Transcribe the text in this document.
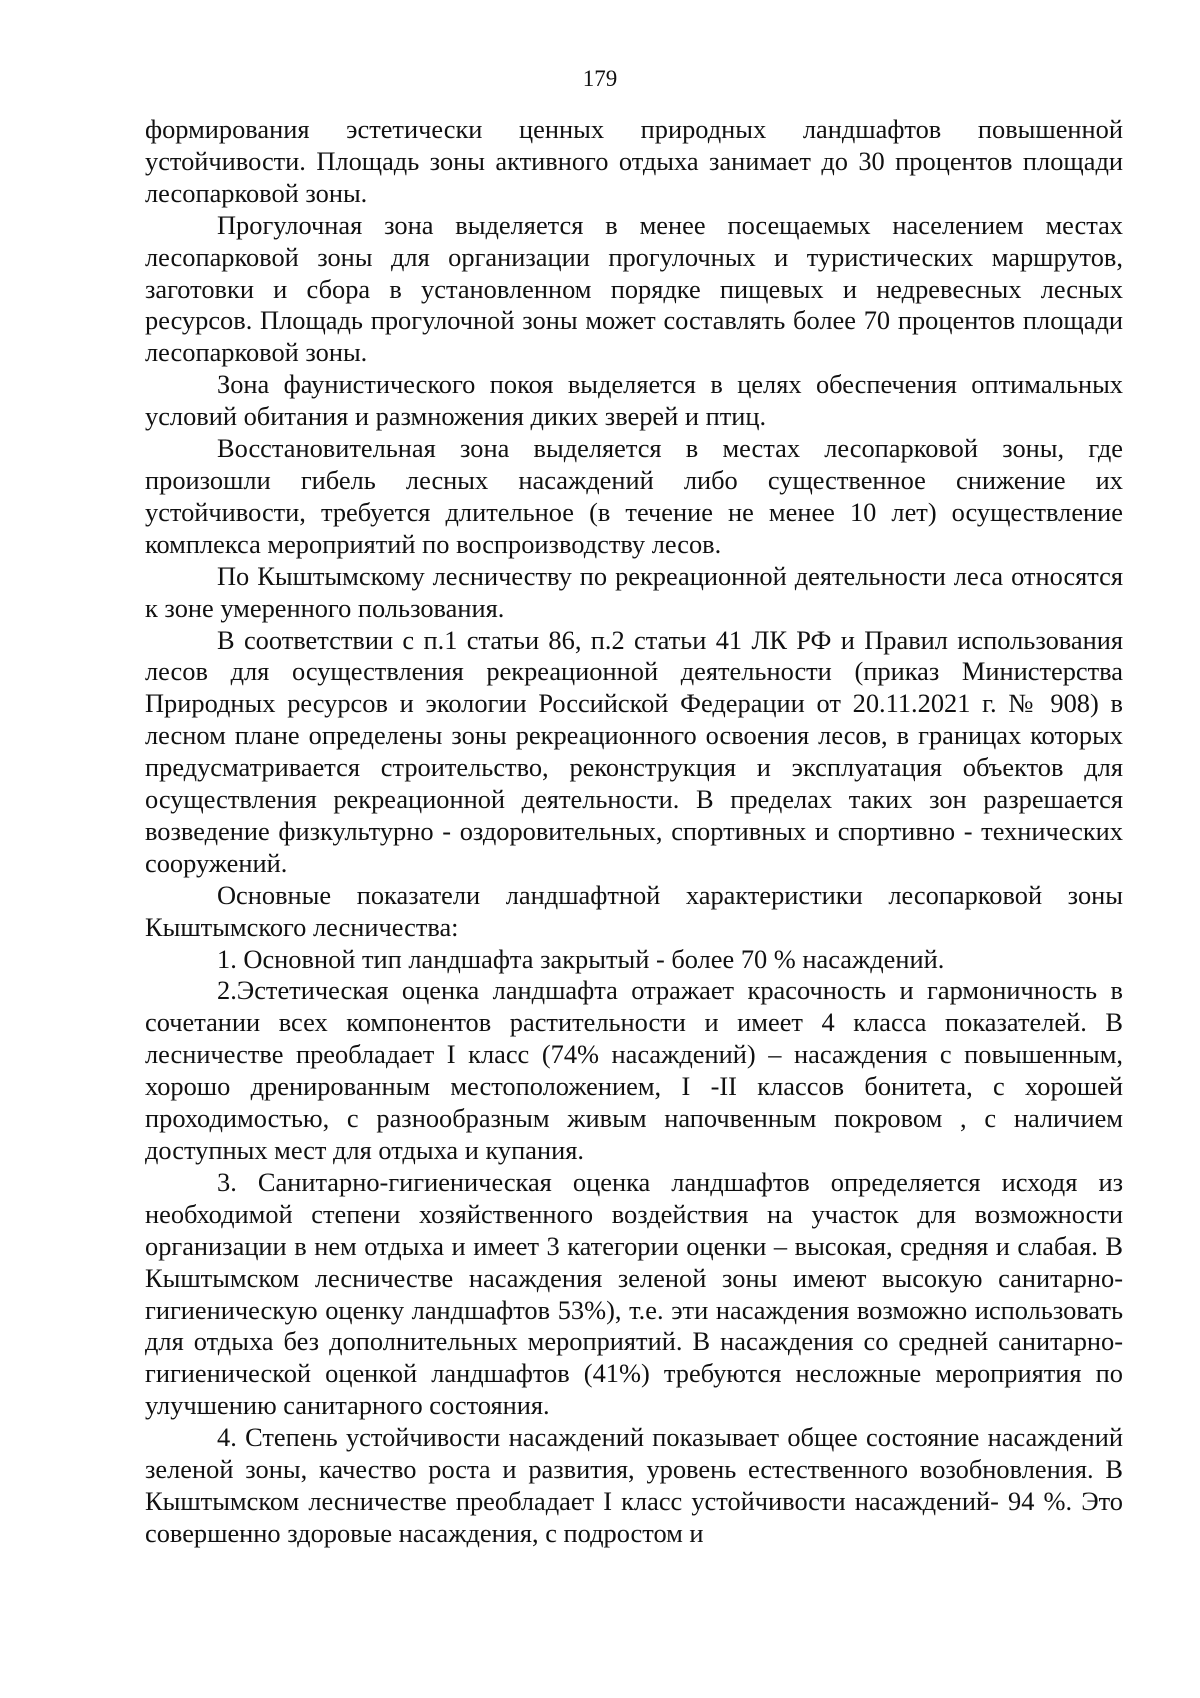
179

формирования эстетически ценных природных ландшафтов повышенной устойчивости. Площадь зоны активного отдыха занимает до 30 процентов площади лесопарковой зоны.

Прогулочная зона выделяется в менее посещаемых населением местах лесопарковой зоны для организации прогулочных и туристических маршрутов, заготовки и сбора в установленном порядке пищевых и недревесных лесных ресурсов. Площадь прогулочной зоны может составлять более 70 процентов площади лесопарковой зоны.

Зона фаунистического покоя выделяется в целях обеспечения оптимальных условий обитания и размножения диких зверей и птиц.

Восстановительная зона выделяется в местах лесопарковой зоны, где произошли гибель лесных насаждений либо существенное снижение их устойчивости, требуется длительное (в течение не менее 10 лет) осуществление комплекса мероприятий по воспроизводству лесов.

По Кыштымскому лесничеству по рекреационной деятельности леса относятся к зоне умеренного пользования.

В соответствии с п.1 статьи 86, п.2 статьи 41 ЛК РФ и Правил использования лесов для осуществления рекреационной деятельности (приказ Министерства Природных ресурсов и экологии Российской Федерации от 20.11.2021 г. № 908) в лесном плане определены зоны рекреационного освоения лесов, в границах которых предусматривается строительство, реконструкция и эксплуатация объектов для осуществления рекреационной деятельности. В пределах таких зон разрешается возведение физкультурно - оздоровительных, спортивных и спортивно - технических сооружений.

Основные показатели ландшафтной характеристики лесопарковой зоны Кыштымского лесничества:

1. Основной тип ландшафта закрытый - более 70 % насаждений.

2.Эстетическая оценка ландшафта отражает красочность и гармоничность в сочетании всех компонентов растительности и имеет 4 класса показателей. В лесничестве преобладает I класс (74% насаждений) – насаждения с повышенным, хорошо дренированным местоположением, I -II классов бонитета, с хорошей проходимостью, с разнообразным живым напочвенным покровом , с наличием доступных мест для отдыха и купания.

3. Санитарно-гигиеническая оценка ландшафтов определяется исходя из необходимой степени хозяйственного воздействия на участок для возможности организации в нем отдыха и имеет 3 категории оценки – высокая, средняя и слабая. В Кыштымском лесничестве насаждения зеленой зоны имеют высокую санитарно-гигиеническую оценку ландшафтов 53%), т.е. эти насаждения возможно использовать для отдыха без дополнительных мероприятий. В насаждения со средней санитарно-гигиенической оценкой ландшафтов (41%) требуются несложные мероприятия по улучшению санитарного состояния.

4. Степень устойчивости насаждений показывает общее состояние насаждений зеленой зоны, качество роста и развития, уровень естественного возобновления. В Кыштымском лесничестве преобладает I класс устойчивости насаждений- 94 %. Это совершенно здоровые насаждения, с подростом и
